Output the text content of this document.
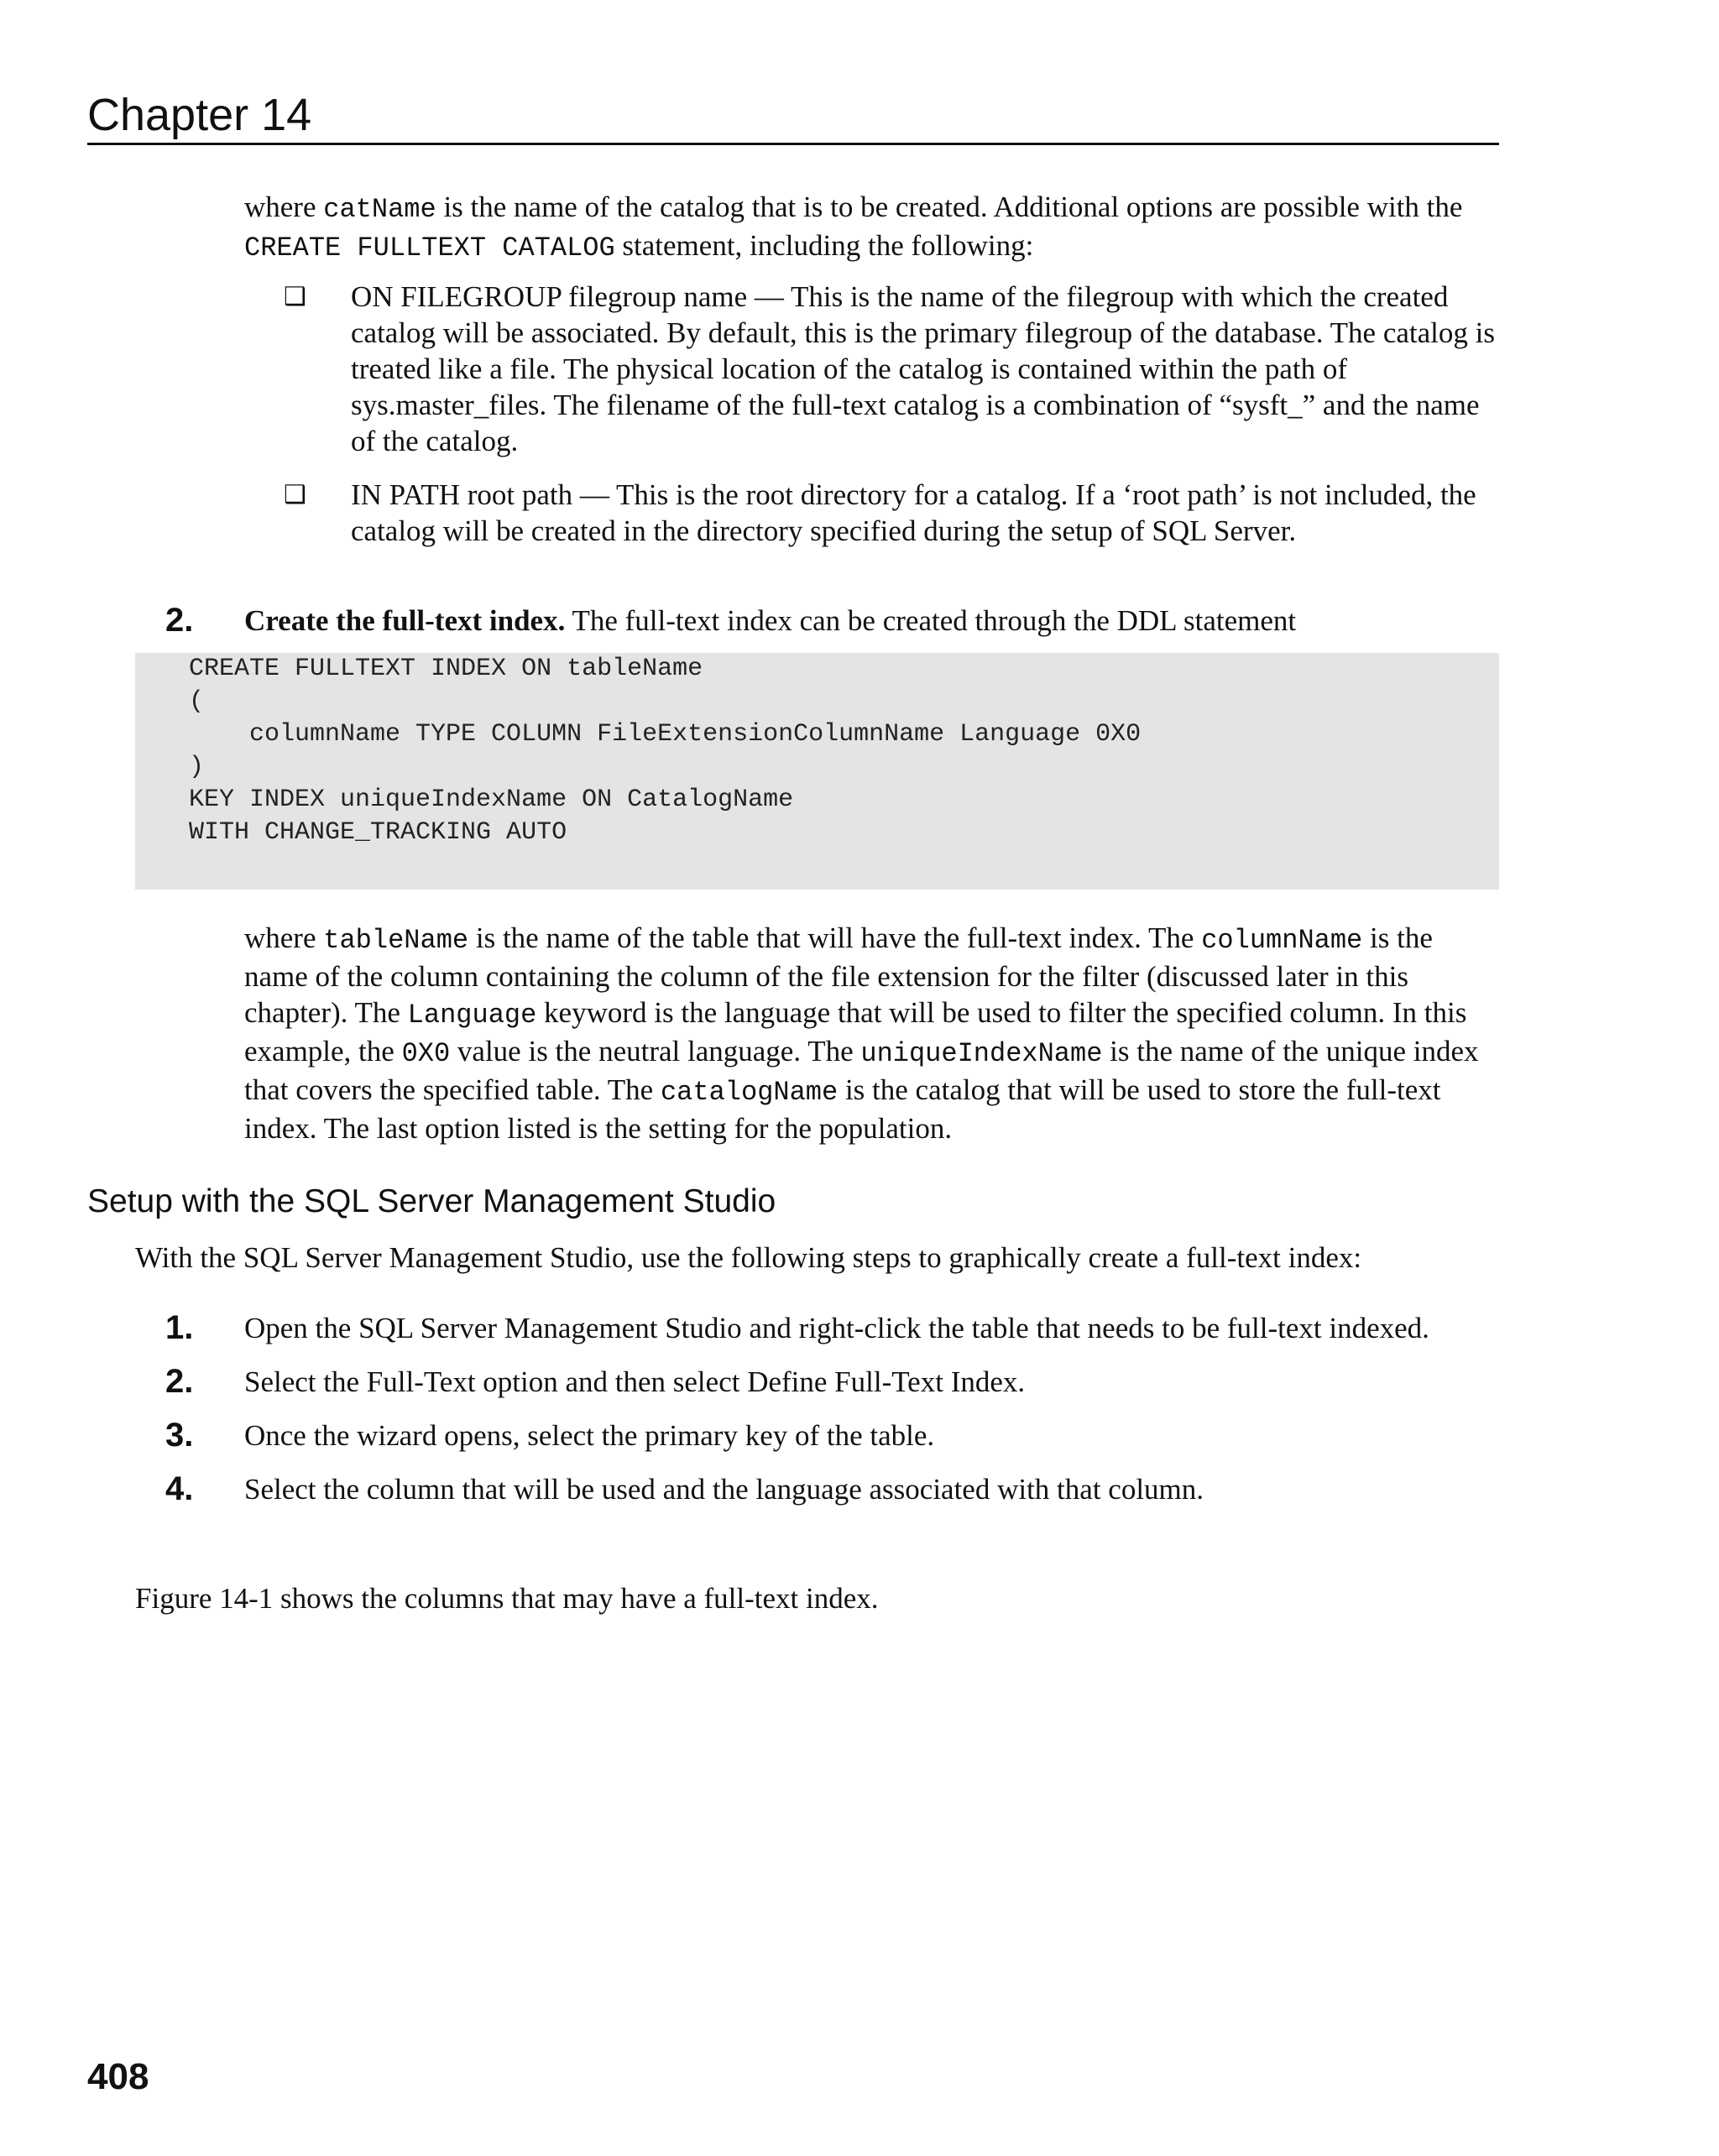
Chapter 14
where catName is the name of the catalog that is to be created. Additional options are possible with the CREATE FULLTEXT CATALOG statement, including the following:
❑	ON FILEGROUP filegroup name — This is the name of the filegroup with which the created catalog will be associated. By default, this is the primary filegroup of the database. The catalog is treated like a file. The physical location of the catalog is contained within the path of sys.master_files. The filename of the full-text catalog is a combination of “sysft_” and the name of the catalog.
❑	IN PATH root path — This is the root directory for a catalog. If a ‘root path’ is not included, the catalog will be created in the directory specified during the setup of SQL Server.
2.	Create the full-text index. The full-text index can be created through the DDL statement
CREATE FULLTEXT INDEX ON tableName
(
columnName TYPE COLUMN FileExtensionColumnName Language 0X0
)
KEY INDEX uniqueIndexName ON CatalogName
WITH CHANGE_TRACKING AUTO
where tableName is the name of the table that will have the full-text index. The columnName is the name of the column containing the column of the file extension for the filter (discussed later in this chapter). The Language keyword is the language that will be used to filter the specified column. In this example, the 0X0 value is the neutral language. The uniqueIndexName is the name of the unique index that covers the specified table. The catalogName is the catalog that will be used to store the full-text index. The last option listed is the setting for the population.
Setup with the SQL Server Management Studio
With the SQL Server Management Studio, use the following steps to graphically create a full-text index:
1.	Open the SQL Server Management Studio and right-click the table that needs to be full-text indexed.
2.	Select the Full-Text option and then select Define Full-Text Index.
3.	Once the wizard opens, select the primary key of the table.
4.	Select the column that will be used and the language associated with that column.
Figure 14-1 shows the columns that may have a full-text index.
408
